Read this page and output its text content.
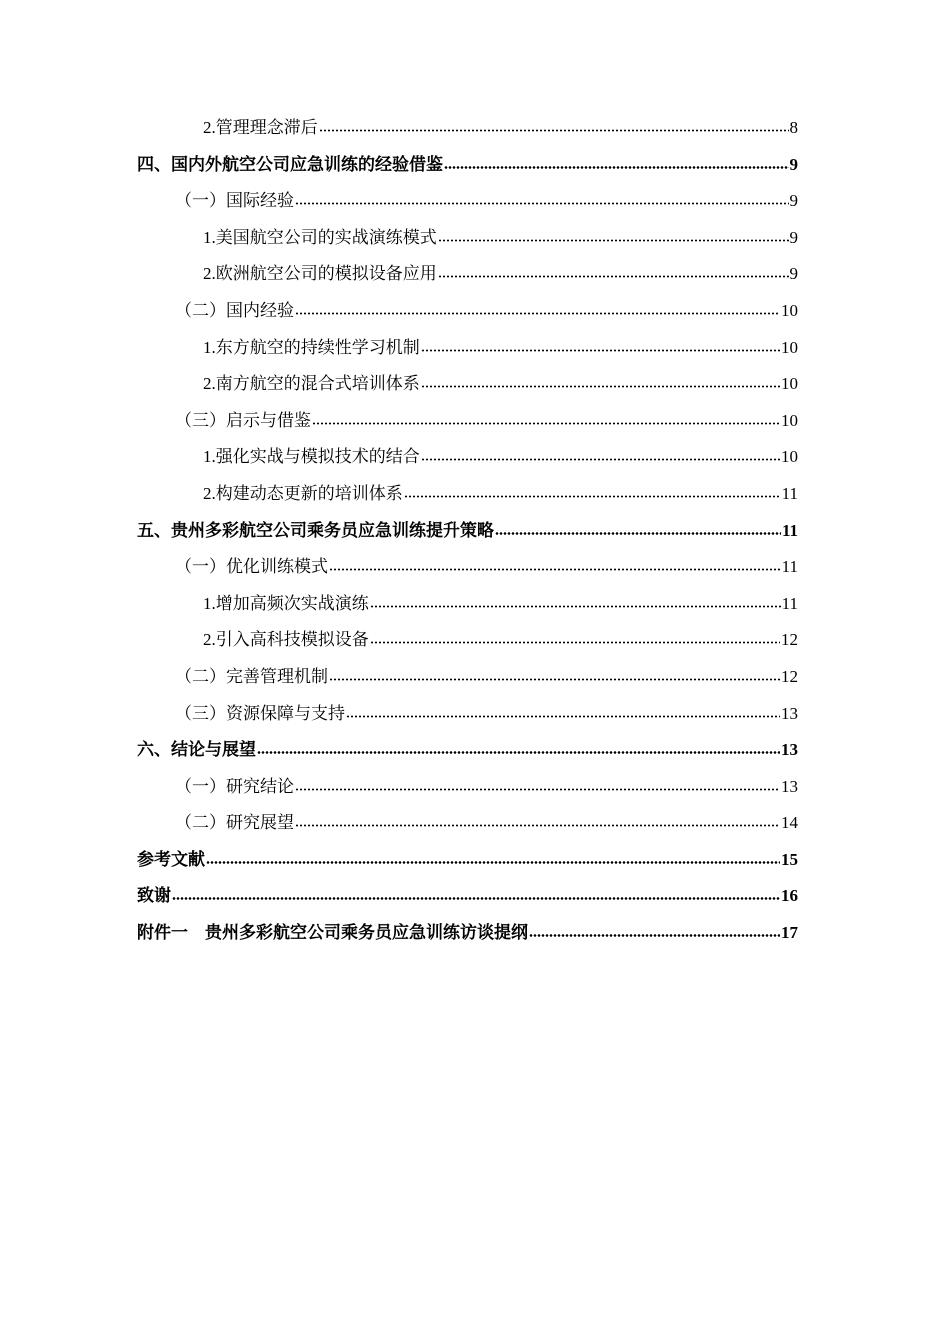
2.管理理念滞后	8
四、国内外航空公司应急训练的经验借鉴	9
（一）国际经验	9
1.美国航空公司的实战演练模式	9
2.欧洲航空公司的模拟设备应用	9
（二）国内经验	10
1.东方航空的持续性学习机制	10
2.南方航空的混合式培训体系	10
（三）启示与借鉴	10
1.强化实战与模拟技术的结合	10
2.构建动态更新的培训体系	11
五、贵州多彩航空公司乘务员应急训练提升策略	11
（一）优化训练模式	11
1.增加高频次实战演练	11
2.引入高科技模拟设备	12
（二）完善管理机制	12
（三）资源保障与支持	13
六、结论与展望	13
（一）研究结论	13
（二）研究展望	14
参考文献	15
致谢	16
附件一　贵州多彩航空公司乘务员应急训练访谈提纲	17
